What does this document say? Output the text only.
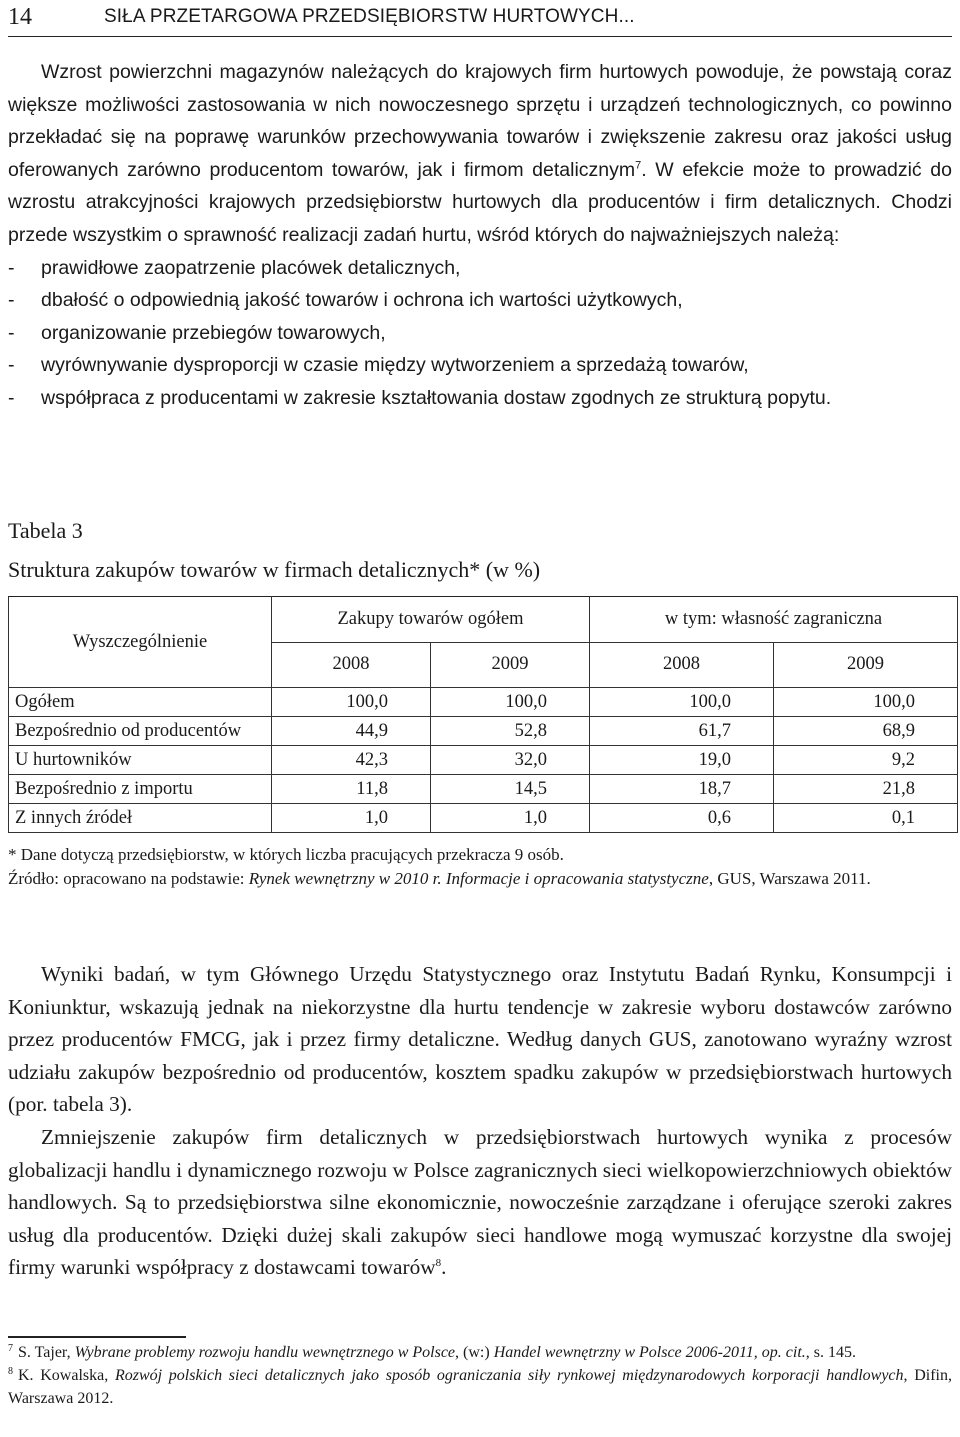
14	SIŁA PRZETARGOWA PRZEDSIĘBIORSTW HURTOWYCH...

Wzrost powierzchni magazynów należących do krajowych firm hurtowych powoduje, że powstają coraz większe możliwości zastosowania w nich nowoczesnego sprzętu i urządzeń technologicznych, co powinno przekładać się na poprawę warunków przechowywania towarów i zwiększenie zakresu oraz jakości usług oferowanych zarówno producentom towarów, jak i firmom detalicznym$^7$. W efekcie może to prowadzić do wzrostu atrakcyjności krajowych przedsiębiorstw hurtowych dla producentów i firm detalicznych. Chodzi przede wszystkim o sprawność realizacji zadań hurtu, wśród których do najważniejszych należą:

- prawidłowe zaopatrzenie placówek detalicznych,
- dbałość o odpowiednią jakość towarów i ochrona ich wartości użytkowych,
- organizowanie przebiegów towarowych,
- wyrównywanie dysproporcji w czasie między wytworzeniem a sprzedażą towarów,
- współpraca z producentami w zakresie kształtowania dostaw zgodnych ze strukturą popytu.
Tabela 3
Struktura zakupów towarów w firmach detalicznych* (w %)
Wyszczególnienie	Zakupy towarów ogółem		w tym: własność zagraniczna	
	2008	2009	2008	2009
Ogółem	100,0	100,0	100,0	100,0
Bezpośrednio od producentów	44,9	52,8	61,7	68,9
U hurtowników	42,3	32,0	19,0	9,2
Bezpośrednio z importu	11,8	14,5	18,7	21,8
Z innych źródeł	1,0	1,0	0,6	0,1
* Dane dotyczą przedsiębiorstw, w których liczba pracujących przekracza 9 osób.
Źródło: opracowano na podstawie: Rynek wewnętrzny w 2010 r. Informacje i opracowania statystyczne, GUS, Warszawa 2011.

Wyniki badań, w tym Głównego Urzędu Statystycznego oraz Instytutu Badań Rynku, Konsumpcji i Koniunktur, wskazują jednak na niekorzystne dla hurtu tendencje w zakresie wyboru dostawców zarówno przez producentów FMCG, jak i przez firmy detaliczne. Według danych GUS, zanotowano wyraźny wzrost udziału zakupów bezpośrednio od producentów, kosztem spadku zakupów w przedsiębiorstwach hurtowych (por. tabela 3).

Zmniejszenie zakupów firm detalicznych w przedsiębiorstwach hurtowych wynika z procesów globalizacji handlu i dynamicznego rozwoju w Polsce zagranicznych sieci wielkopowierzchniowych obiektów handlowych. Są to przedsiębiorstwa silne ekonomicznie, nowocześnie zarządzane i oferujące szeroki zakres usług dla producentów. Dzięki dużej skali zakupów sieci handlowe mogą wymuszać korzystne dla swojej firmy warunki współpracy z dostawcami towarów$^8$.

$^7$ S. Tajer, Wybrane problemy rozwoju handlu wewnętrznego w Polsce, (w:) Handel wewnętrzny w Polsce 2006-2011, op. cit., s. 145.
$^8$ K. Kowalska, Rozwój polskich sieci detalicznych jako sposób ograniczania siły rynkowej międzynarodowych korporacji handlowych, Difin, Warszawa 2012.
